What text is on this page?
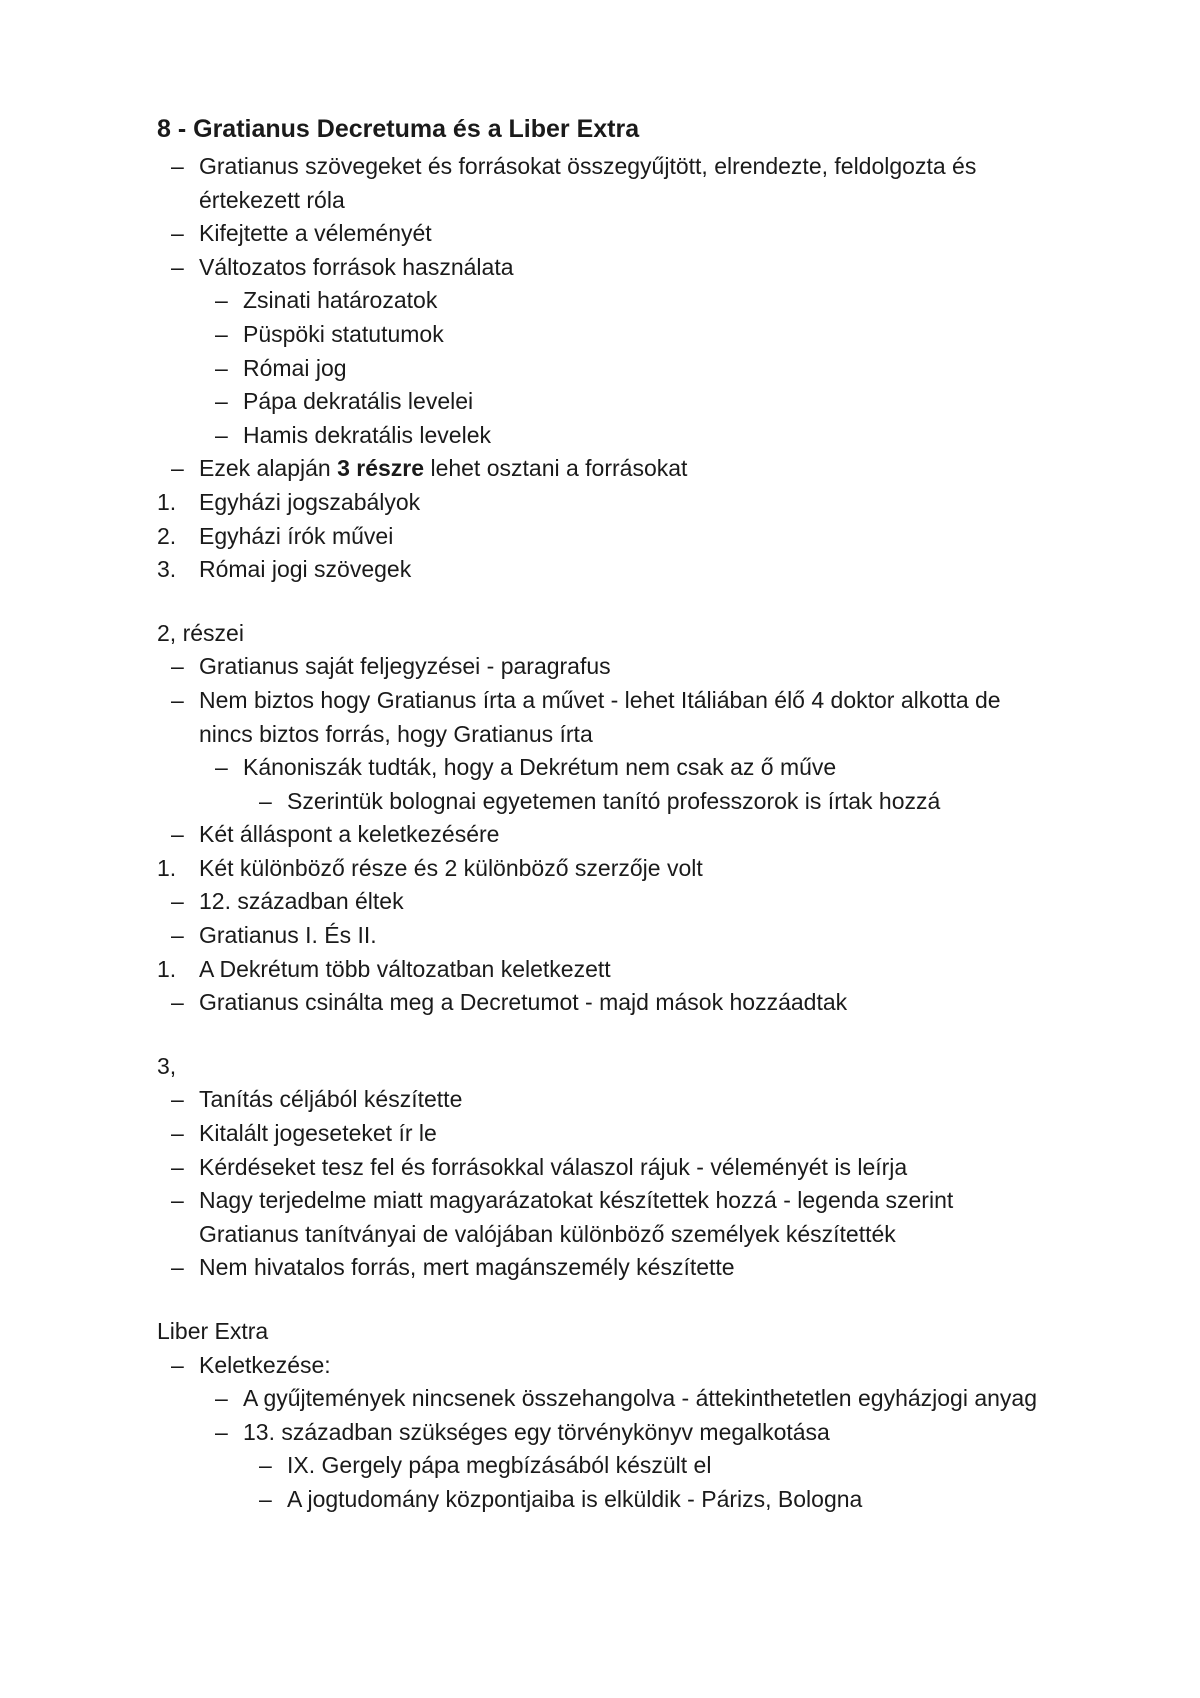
8 - Gratianus Decretuma és a Liber Extra
– Gratianus szövegeket és forrásokat összegyűjtött, elrendezte, feldolgozta és értekezett róla
– Kifejtette a véleményét
– Változatos források használata
– Zsinati határozatok
– Püspöki statutumok
– Római jog
– Pápa dekratális levelei
– Hamis dekratális levelek
– Ezek alapján 3 részre lehet osztani a forrásokat
1. Egyházi jogszabályok
2. Egyházi írók művei
3. Római jogi szövegek
2, részei
– Gratianus saját feljegyzései - paragrafus
– Nem biztos hogy Gratianus írta a művet - lehet Itáliában élő 4 doktor alkotta de nincs biztos forrás, hogy Gratianus írta
– Kánoniszák tudták, hogy a Dekrétum nem csak az ő műve
– Szerintük bolognai egyetemen tanító professzorok is írtak hozzá
– Két álláspont a keletkezésére
1. Két különböző része és 2 különböző szerzője volt
– 12. században éltek
– Gratianus I. És II.
1. A Dekrétum több változatban keletkezett
– Gratianus csinálta meg a Decretumot - majd mások hozzáadtak
3,
– Tanítás céljából készítette
– Kitalált jogeseteket ír le
– Kérdéseket tesz fel és forrásokkal válaszol rájuk - véleményét is leírja
– Nagy terjedelme miatt magyarázatokat készítettek hozzá - legenda szerint Gratianus tanítványai de valójában különböző személyek készítették
– Nem hivatalos forrás, mert magánszemély készítette
Liber Extra
– Keletkezése:
– A gyűjtemények nincsenek összehangolva - áttekinthetetlen egyházjogi anyag
– 13. században szükséges egy törvénykönyv megalkotása
– IX. Gergely pápa megbízásából készült el
– A jogtudomány központjaiba is elküldik - Párizs, Bologna
